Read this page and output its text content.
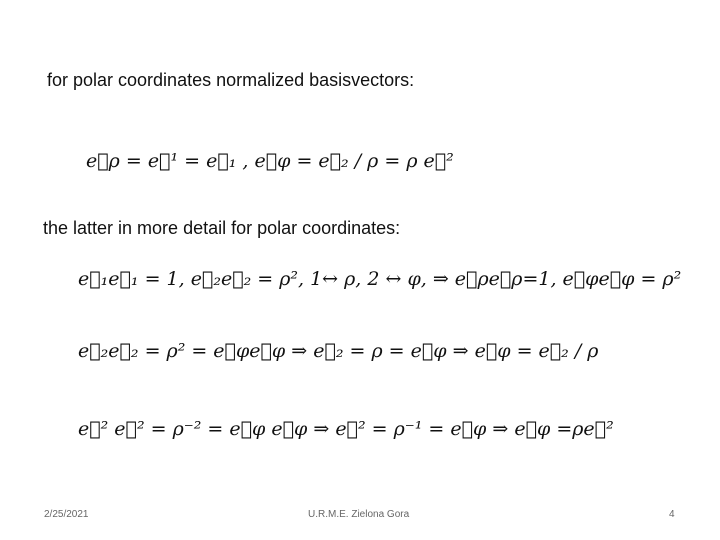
for polar coordinates normalized basisvectors:
e⃗ρ = e⃗¹ = e⃗₁ , e⃗φ = e⃗₂ / ρ = ρ e⃗²
the latter in more detail for polar coordinates:
e⃗₁e⃗₁ = 1, e⃗₂e⃗₂ = ρ², 1↔ ρ, 2 ↔ φ, ⇒ e⃗ρe⃗ρ=1, e⃗φe⃗φ = ρ²
e⃗₂e⃗₂ = ρ² = e⃗φe⃗φ ⇒ e⃗₂ = ρ = e⃗φ ⇒ e⃗φ = e⃗₂ / ρ
e⃗² e⃗² = ρ⁻² = e⃗φ e⃗φ ⇒ e⃗² = ρ⁻¹ = e⃗φ ⇒ e⃗φ =ρe⃗²
2/25/2021	U.R.M.E. Zielona Gora	4
